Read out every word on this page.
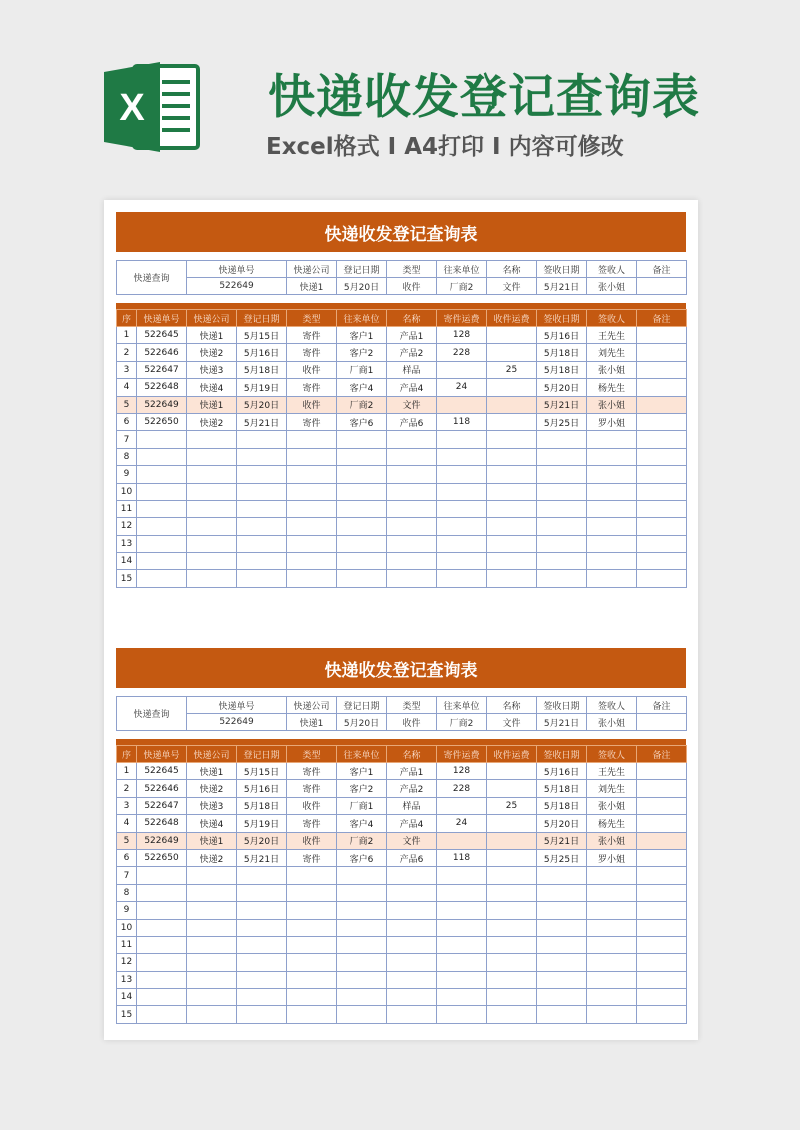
X	快递收发登记查询表
Excel格式 I A4打印 I 内容可修改
快递收发登记查询表
快递查询	快递单号	快递公司	登记日期	类型	往来单位	名称	签收日期	签收人	备注
	522649	快递1	5月20日	收件	厂商2	文件	5月21日	张小姐	
序	快递单号	快递公司	登记日期	类型	往来单位	名称	寄件运费	收件运费	签收日期	签收人	备注
1	522645	快递1	5月15日	寄件	客户1	产品1	128		5月16日	王先生	
2	522646	快递2	5月16日	寄件	客户2	产品2	228		5月18日	刘先生	
3	522647	快递3	5月18日	收件	厂商1	样品		25	5月18日	张小姐	
4	522648	快递4	5月19日	寄件	客户4	产品4	24		5月20日	杨先生	
5	522649	快递1	5月20日	收件	厂商2	文件			5月21日	张小姐	
6	522650	快递2	5月21日	寄件	客户6	产品6	118		5月25日	罗小姐	
7											
8											
9											
10											
11											
12											
13											
14											
15											
快递收发登记查询表
快递查询	快递单号	快递公司	登记日期	类型	往来单位	名称	签收日期	签收人	备注
	522649	快递1	5月20日	收件	厂商2	文件	5月21日	张小姐	
序	快递单号	快递公司	登记日期	类型	往来单位	名称	寄件运费	收件运费	签收日期	签收人	备注
1	522645	快递1	5月15日	寄件	客户1	产品1	128		5月16日	王先生	
2	522646	快递2	5月16日	寄件	客户2	产品2	228		5月18日	刘先生	
3	522647	快递3	5月18日	收件	厂商1	样品		25	5月18日	张小姐	
4	522648	快递4	5月19日	寄件	客户4	产品4	24		5月20日	杨先生	
5	522649	快递1	5月20日	收件	厂商2	文件			5月21日	张小姐	
6	522650	快递2	5月21日	寄件	客户6	产品6	118		5月25日	罗小姐	
7											
8											
9											
10											
11											
12											
13											
14											
15											
